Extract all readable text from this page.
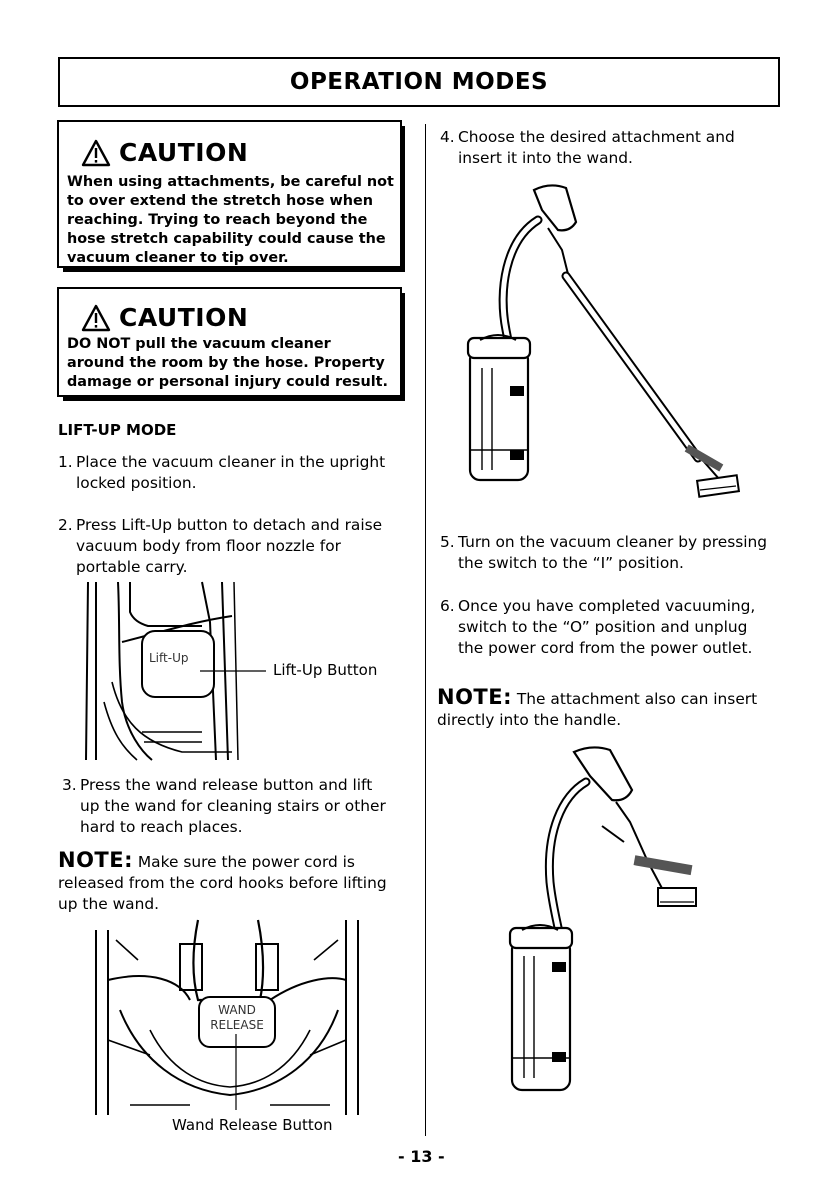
OPERATION MODES
CAUTION
When using attachments, be careful not
to over extend the stretch hose when
reaching. Trying to reach beyond the
hose stretch capability could cause the
vacuum cleaner to tip over.
CAUTION
DO NOT pull the vacuum cleaner
around the room by the hose. Property
damage or personal injury could result.
LIFT-UP MODE
1. Place the vacuum cleaner in the upright
locked position.
2. Press Lift-Up button to detach and raise
vacuum body from floor nozzle for
portable carry.
Lift-Up
Lift-Up Button
3. Press the wand release button and lift
up the wand for cleaning stairs or other
hard to reach places.
NOTE: Make sure the power cord is
released from the cord hooks before lifting
up the wand.
WAND
RELEASE
Wand Release Button
4. Choose the desired attachment and
insert it into the wand.
5. Turn on the vacuum cleaner by pressing
the switch to the “I” position.
6. Once you have completed vacuuming,
switch to the “O” position and unplug
the power cord from the power outlet.
NOTE: The attachment also can insert
directly into the handle.
- 13 -
